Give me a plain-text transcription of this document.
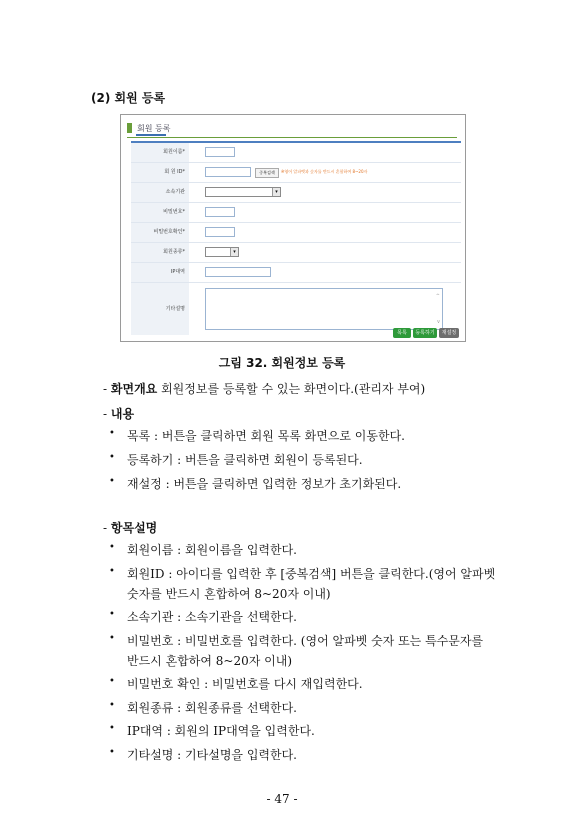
(2) 회원 등록
회원 등록
회원이름*
회 원 ID*	중복검색	※영어 알파벳과 숫자를 반드시 혼합하여 8~20자
소속기관	▾
비밀번호*
비밀번호확인*
회원종류*	▾
IP대역
기타설명
^
v
목록 등록하기 재설정
그림 32. 회원정보 등록
- 화면개요 회원정보를 등록할 수 있는 화면이다.(관리자 부여)
- 내용
• 목록 : 버튼을 클릭하면 회원 목록 화면으로 이동한다.
• 등록하기 : 버튼을 클릭하면 회원이 등록된다.
• 재설정 : 버튼을 클릭하면 입력한 정보가 초기화된다.
- 항목설명
• 회원이름 : 회원이름을 입력한다.
• 회원ID : 아이디를 입력한 후 [중복검색] 버튼을 클릭한다.(영어 알파벳
숫자를 반드시 혼합하여 8~20자 이내)
• 소속기관 : 소속기관을 선택한다.
• 비밀번호 : 비밀번호를 입력한다. (영어 알파벳 숫자 또는 특수문자를
반드시 혼합하여 8~20자 이내)
• 비밀번호 확인 : 비밀번호를 다시 재입력한다.
• 회원종류 : 회원종류를 선택한다.
• IP대역 : 회원의 IP대역을 입력한다.
• 기타설명 : 기타설명을 입력한다.
- 47 -
